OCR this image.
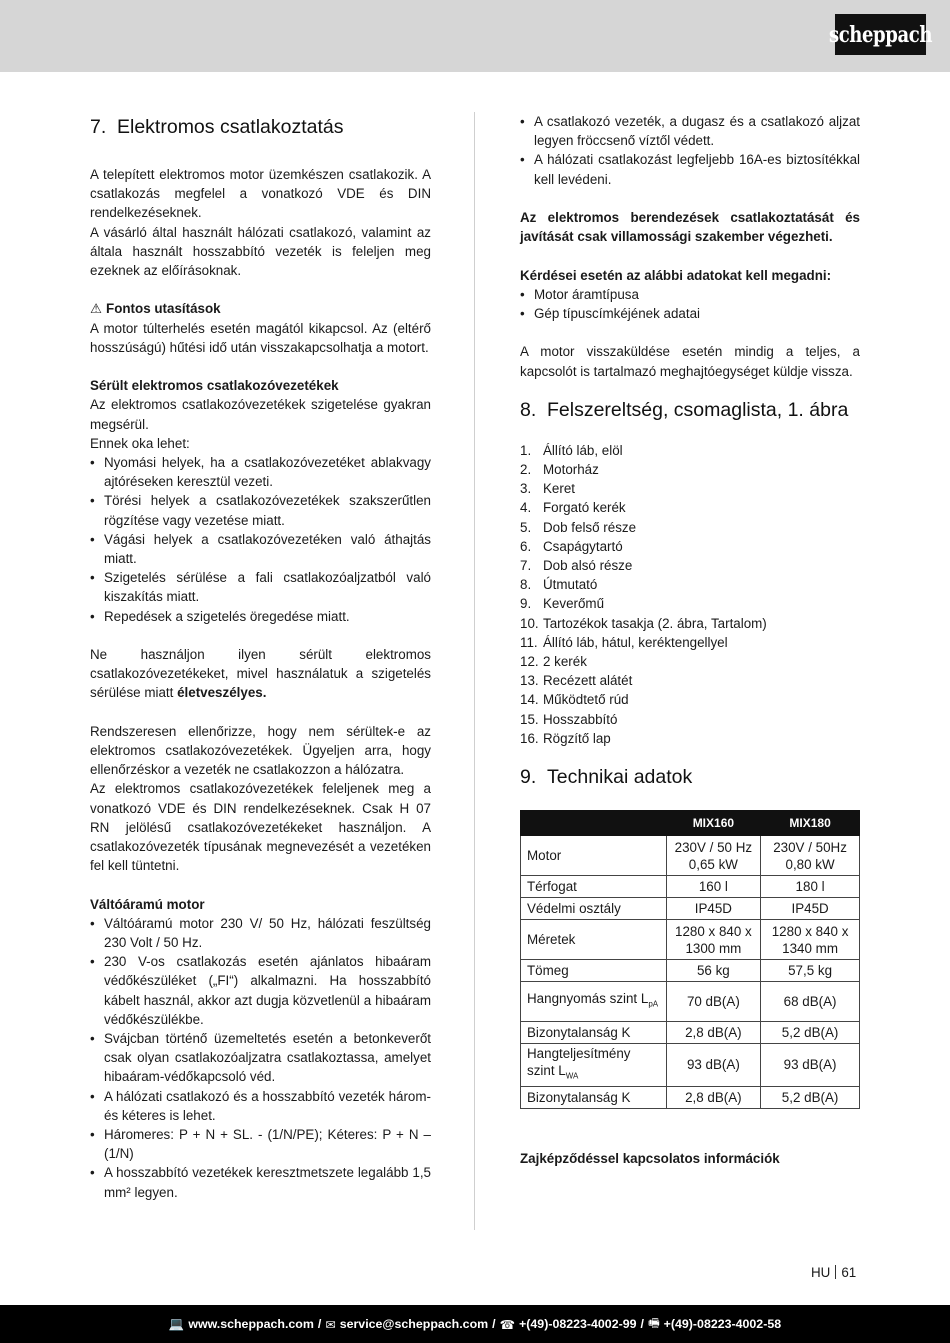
scheppach
7. Elektromos csatlakoztatás

A telepített elektromos motor üzemkészen csatlakozik. A csatlakozás megfelel a vonatkozó VDE és DIN rendelkezéseknek.

A vásárló által használt hálózati csatlakozó, valamint az általa használt hosszabbító vezeték is feleljen meg ezeknek az előírásoknak.

⚠ Fontos utasítások

A motor túlterhelés esetén magától kikapcsol. Az (eltérő hosszúságú) hűtési idő után visszakapcsolhatja a motort.

Sérült elektromos csatlakozóvezetékek

Az elektromos csatlakozóvezetékek szigetelése gyakran megsérül.

Ennek oka lehet:

• Nyomási helyek, ha a csatlakozóvezetéket ablakvagy ajtóréseken keresztül vezeti.
• Törési helyek a csatlakozóvezetékek szakszerűtlen rögzítése vagy vezetése miatt.
• Vágási helyek a csatlakozóvezetéken való áthajtás miatt.
• Szigetelés sérülése a fali csatlakozóaljzatból való kiszakítás miatt.
• Repedések a szigetelés öregedése miatt.

Ne használjon ilyen sérült elektromos csatlakozóvezetékeket, mivel használatuk a szigetelés sérülése miatt életveszélyes.

Rendszeresen ellenőrizze, hogy nem sérültek-e az elektromos csatlakozóvezetékek. Ügyeljen arra, hogy ellenőrzéskor a vezeték ne csatlakozzon a hálózatra.

Az elektromos csatlakozóvezetékek feleljenek meg a vonatkozó VDE és DIN rendelkezéseknek. Csak H 07 RN jelölésű csatlakozóvezetékeket használjon. A csatlakozóvezeték típusának megnevezését a vezetéken fel kell tüntetni.

Váltóáramú motor

• Váltóáramú motor 230 V/ 50 Hz, hálózati feszültség 230 Volt / 50 Hz.
• 230 V-os csatlakozás esetén ajánlatos hibaáram védőkészüléket („FI“) alkalmazni. Ha hosszabbító kábelt használ, akkor azt dugja közvetlenül a hibaáram védőkészülékbe.
• Svájcban történő üzemeltetés esetén a betonkeverőt csak olyan csatlakozóaljzatra csatlakoztassa, amelyet hibaáram-védőkapcsoló véd.
• A hálózati csatlakozó és a hosszabbító vezeték három- és kéteres is lehet.
• Háromeres: P + N + SL. - (1/N/PE); Kéteres: P + N – (1/N)
• A hosszabbító vezetékek keresztmetszete legalább 1,5 mm² legyen.
• A csatlakozó vezeték, a dugasz és a csatlakozó aljzat legyen fröccsenő víztől védett.
• A hálózati csatlakozást legfeljebb 16A-es biztosítékkal kell levédeni.

Az elektromos berendezések csatlakoztatását és javítását csak villamossági szakember végezheti.

Kérdései esetén az alábbi adatokat kell megadni:

• Motor áramtípusa
• Gép típuscímkéjének adatai

A motor visszaküldése esetén mindig a teljes, a kapcsolót is tartalmazó meghajtóegységet küldje vissza.

8. Felszereltség, csomaglista, 1. ábra
1. Állító láb, elöl
2. Motorház
3. Keret
4. Forgató kerék
5. Dob felső része
6. Csapágytartó
7. Dob alsó része
8. Útmutató
9. Keverőmű
10. Tartozékok tasakja (2. ábra, Tartalom)
11. Állító láb, hátul, keréktengellyel
12. 2 kerék
13. Recézett alátét
14. Működtető rúd
15. Hosszabbító
16. Rögzítő lap
9. Technikai adatok
	MIX160	MIX180
Motor	230V / 50 Hz 0,65 kW	230V / 50Hz 0,80 kW
Térfogat	160 l	180 l
Védelmi osztály	IP45D	IP45D
Méretek	1280 x 840 x 1300 mm	1280 x 840 x 1340 mm
Tömeg	56 kg	57,5 kg
Hangnyomás szint $L_{pA}$	70 dB(A)	68 dB(A)
Bizonytalanság K	2,8 dB(A)	5,2 dB(A)
Hangteljesítmény szint $L_{WA}$	93 dB(A)	93 dB(A)
Bizonytalanság K	2,8 dB(A)	5,2 dB(A)

Zajképződéssel kapcsolatos információk

HU 61
💻 www.scheppach.com / ✉ service@scheppach.com / ☎ +(49)-08223-4002-99 / 🖷 +(49)-08223-4002-58
